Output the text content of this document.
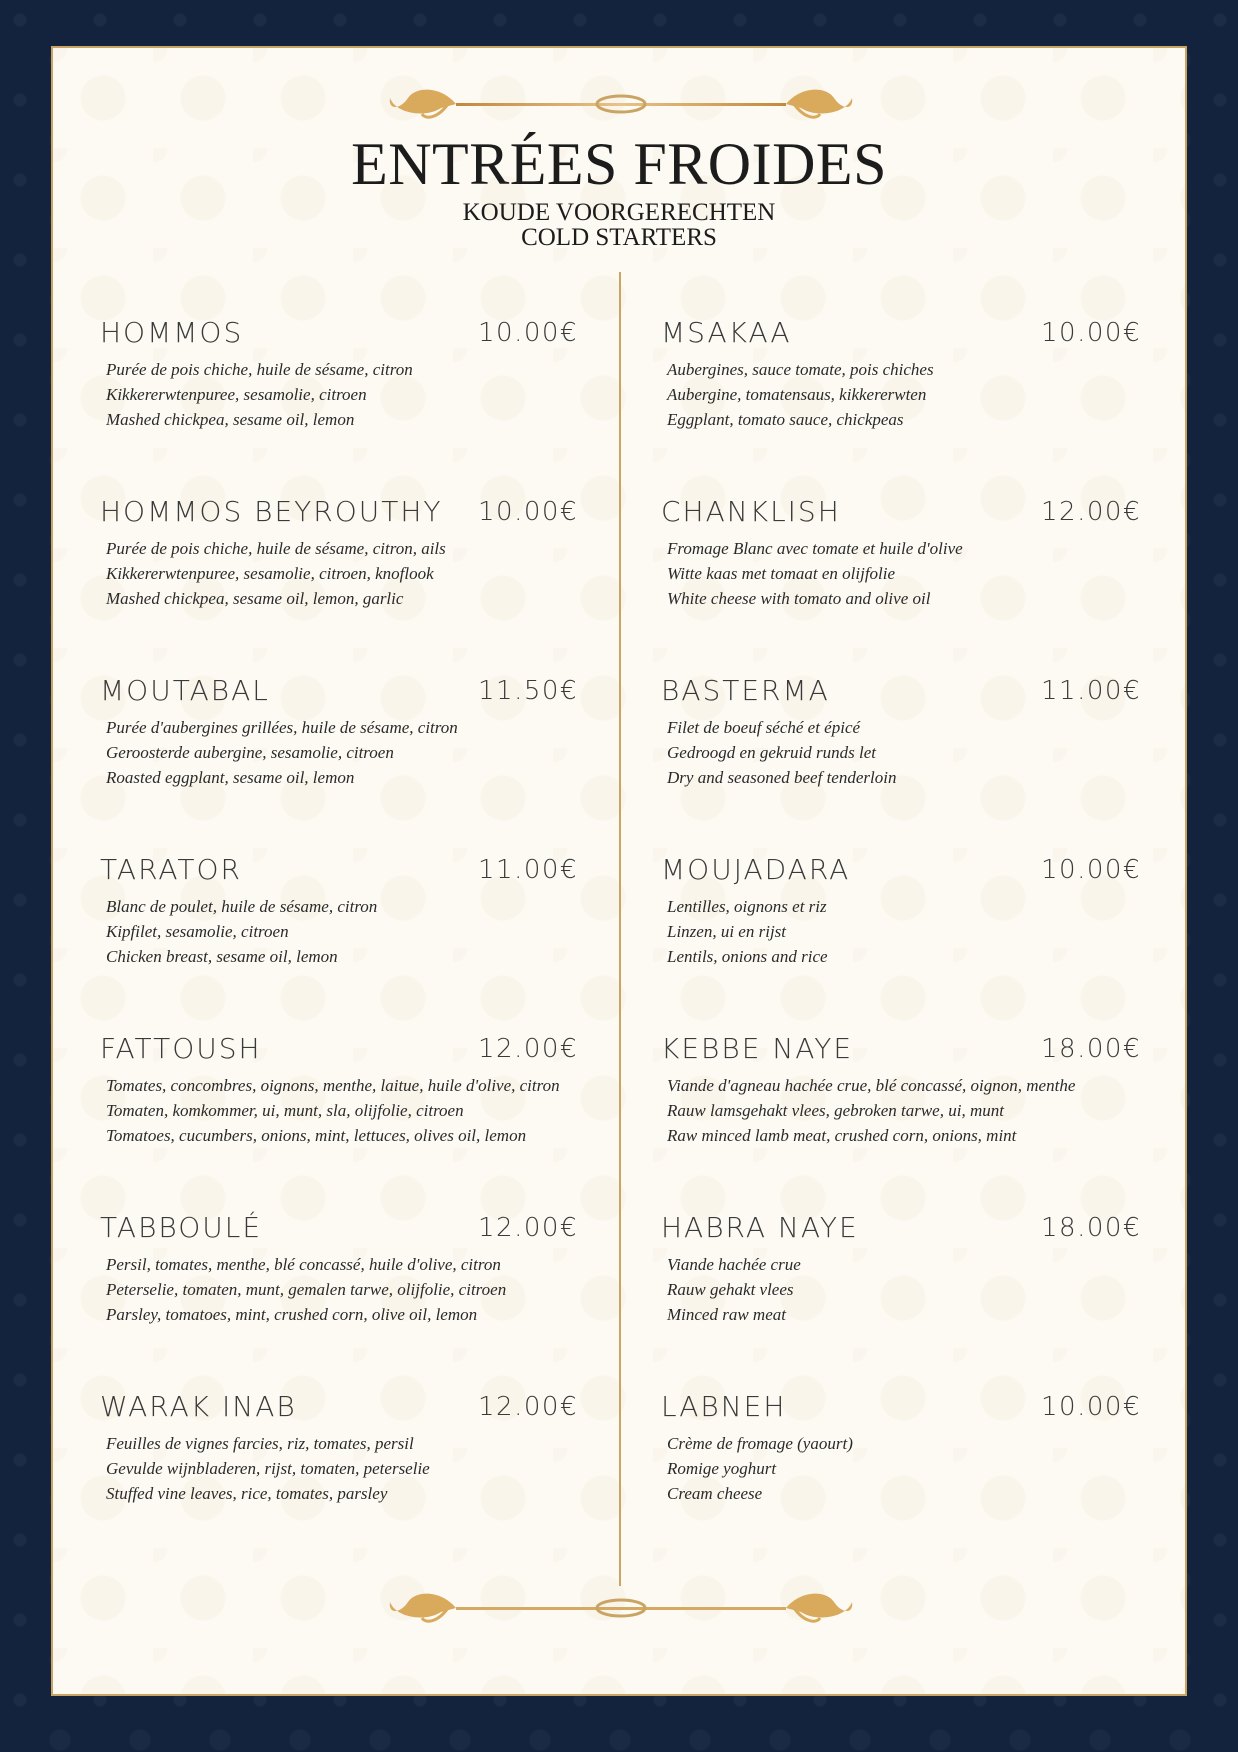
ENTRÉES FROIDES
KOUDE VOORGERECHTEN
COLD STARTERS
HOMMOS	10.00€
Purée de pois chiche, huile de sésame, citron
Kikkererwtenpuree, sesamolie, citroen
Mashed chickpea, sesame oil, lemon
HOMMOS BEYROUTHY 10.00€
Purée de pois chiche, huile de sésame, citron, ails
Kikkererwtenpuree, sesamolie, citroen, knoflook
Mashed chickpea, sesame oil, lemon, garlic
MOUTABAL	11.50€
Purée d'aubergines grillées, huile de sésame, citron
Geroosterde aubergine, sesamolie, citroen
Roasted eggplant, sesame oil, lemon
TARATOR	11.00€
Blanc de poulet, huile de sésame, citron
Kipfilet, sesamolie, citroen
Chicken breast, sesame oil, lemon
FATTOUSH	12.00€
Tomates, concombres, oignons, menthe, laitue, huile d'olive, citron
Tomaten, komkommer, ui, munt, sla, olijfolie, citroen
Tomatoes, cucumbers, onions, mint, lettuces, olives oil, lemon
TABBOULÉ	12.00€
Persil, tomates, menthe, blé concassé, huile d'olive, citron
Peterselie, tomaten, munt, gemalen tarwe, olijfolie, citroen
Parsley, tomatoes, mint, crushed corn, olive oil, lemon
WARAK INAB	12.00€
Feuilles de vignes farcies, riz, tomates, persil
Gevulde wijnbladeren, rijst, tomaten, peterselie
Stuffed vine leaves, rice, tomates, parsley
MSAKAA	10.00€
Aubergines, sauce tomate, pois chiches
Aubergine, tomatensaus, kikkererwten
Eggplant, tomato sauce, chickpeas
CHANKLISH	12.00€
Fromage Blanc avec tomate et huile d'olive
Witte kaas met tomaat en olijfolie
White cheese with tomato and olive oil
BASTERMA	11.00€
Filet de boeuf séché et épicé
Gedroogd en gekruid runds let
Dry and seasoned beef tenderloin
MOUJADARA	10.00€
Lentilles, oignons et riz
Linzen, ui en rijst
Lentils, onions and rice
KEBBE NAYE	18.00€
Viande d'agneau hachée crue, blé concassé, oignon, menthe
Rauw lamsgehakt vlees, gebroken tarwe, ui, munt
Raw minced lamb meat, crushed corn, onions, mint
HABRA NAYE	18.00€
Viande hachée crue
Rauw gehakt vlees
Minced raw meat
LABNEH	10.00€
Crème de fromage (yaourt)
Romige yoghurt
Cream cheese
